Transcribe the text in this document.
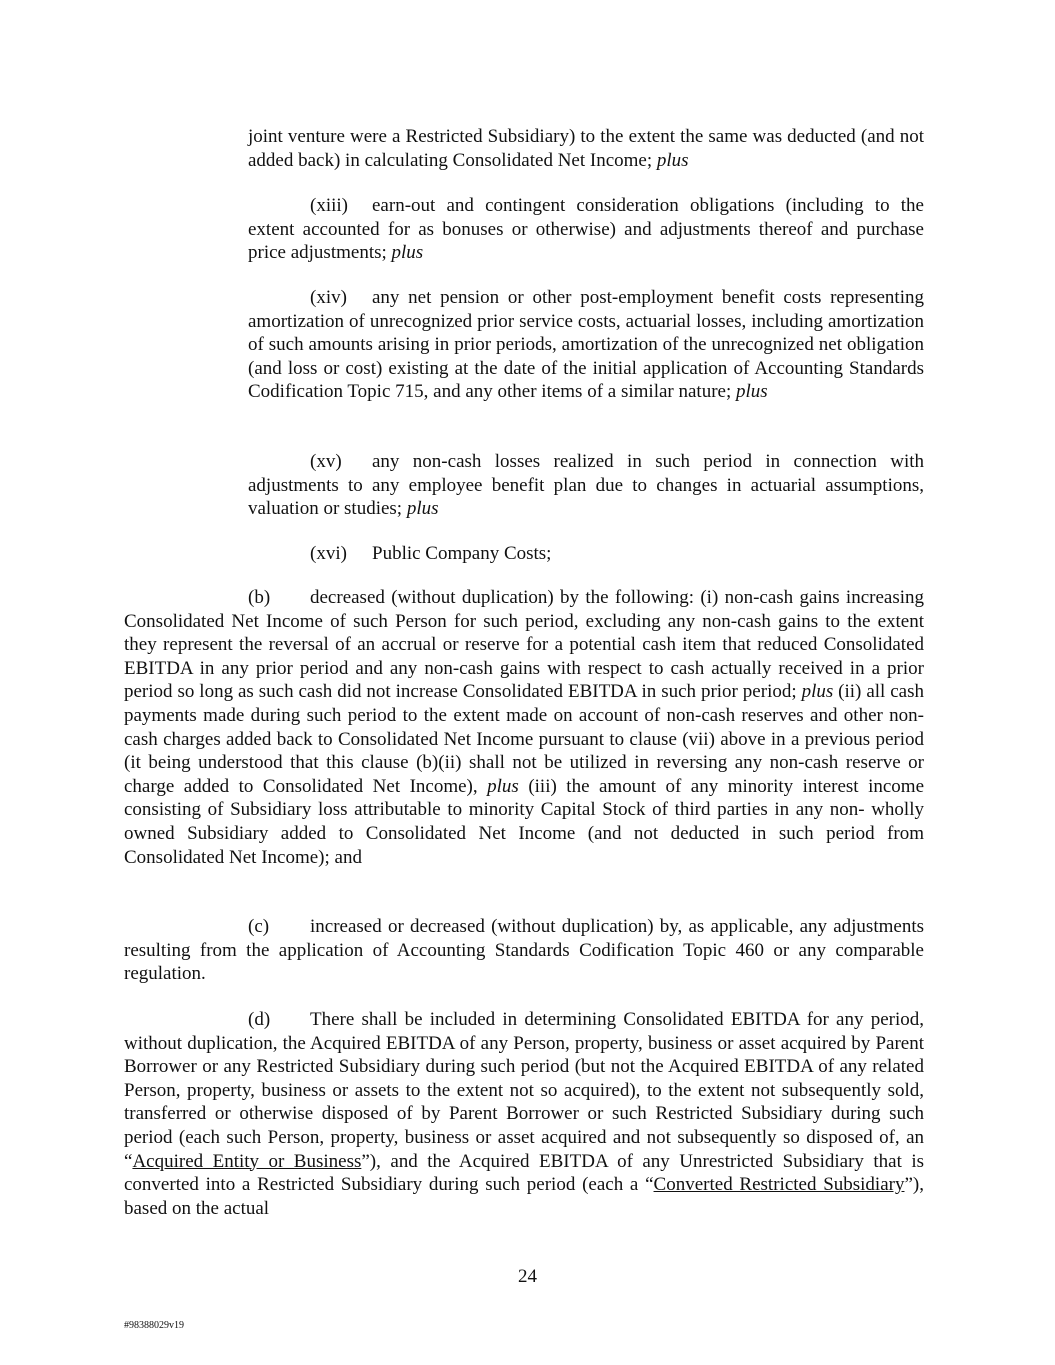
joint venture were a Restricted Subsidiary) to the extent the same was deducted (and not added back) in calculating Consolidated Net Income; plus

(xiii) earn-out and contingent consideration obligations (including to the extent accounted for as bonuses or otherwise) and adjustments thereof and purchase price adjustments; plus

(xiv) any net pension or other post-employment benefit costs representing amortization of unrecognized prior service costs, actuarial losses, including amortization of such amounts arising in prior periods, amortization of the unrecognized net obligation (and loss or cost) existing at the date of the initial application of Accounting Standards Codification Topic 715, and any other items of a similar nature; plus

(xv) any non-cash losses realized in such period in connection with adjustments to any employee benefit plan due to changes in actuarial assumptions, valuation or studies; plus

(xvi) Public Company Costs;

(b) decreased (without duplication) by the following: (i) non-cash gains increasing Consolidated Net Income of such Person for such period, excluding any non-cash gains to the extent they represent the reversal of an accrual or reserve for a potential cash item that reduced Consolidated EBITDA in any prior period and any non-cash gains with respect to cash actually received in a prior period so long as such cash did not increase Consolidated EBITDA in such prior period; plus (ii) all cash payments made during such period to the extent made on account of non-cash reserves and other non-cash charges added back to Consolidated Net Income pursuant to clause (vii) above in a previous period (it being understood that this clause (b)(ii) shall not be utilized in reversing any non-cash reserve or charge added to Consolidated Net Income), plus (iii) the amount of any minority interest income consisting of Subsidiary loss attributable to minority Capital Stock of third parties in any non- wholly owned Subsidiary added to Consolidated Net Income (and not deducted in such period from Consolidated Net Income); and

(c) increased or decreased (without duplication) by, as applicable, any adjustments resulting from the application of Accounting Standards Codification Topic 460 or any comparable regulation.

(d) There shall be included in determining Consolidated EBITDA for any period, without duplication, the Acquired EBITDA of any Person, property, business or asset acquired by Parent Borrower or any Restricted Subsidiary during such period (but not the Acquired EBITDA of any related Person, property, business or assets to the extent not so acquired), to the extent not subsequently sold, transferred or otherwise disposed of by Parent Borrower or such Restricted Subsidiary during such period (each such Person, property, business or asset acquired and not subsequently so disposed of, an “Acquired Entity or Business”), and the Acquired EBITDA of any Unrestricted Subsidiary that is converted into a Restricted Subsidiary during such period (each a “Converted Restricted Subsidiary”), based on the actual

24
#98388029v19
